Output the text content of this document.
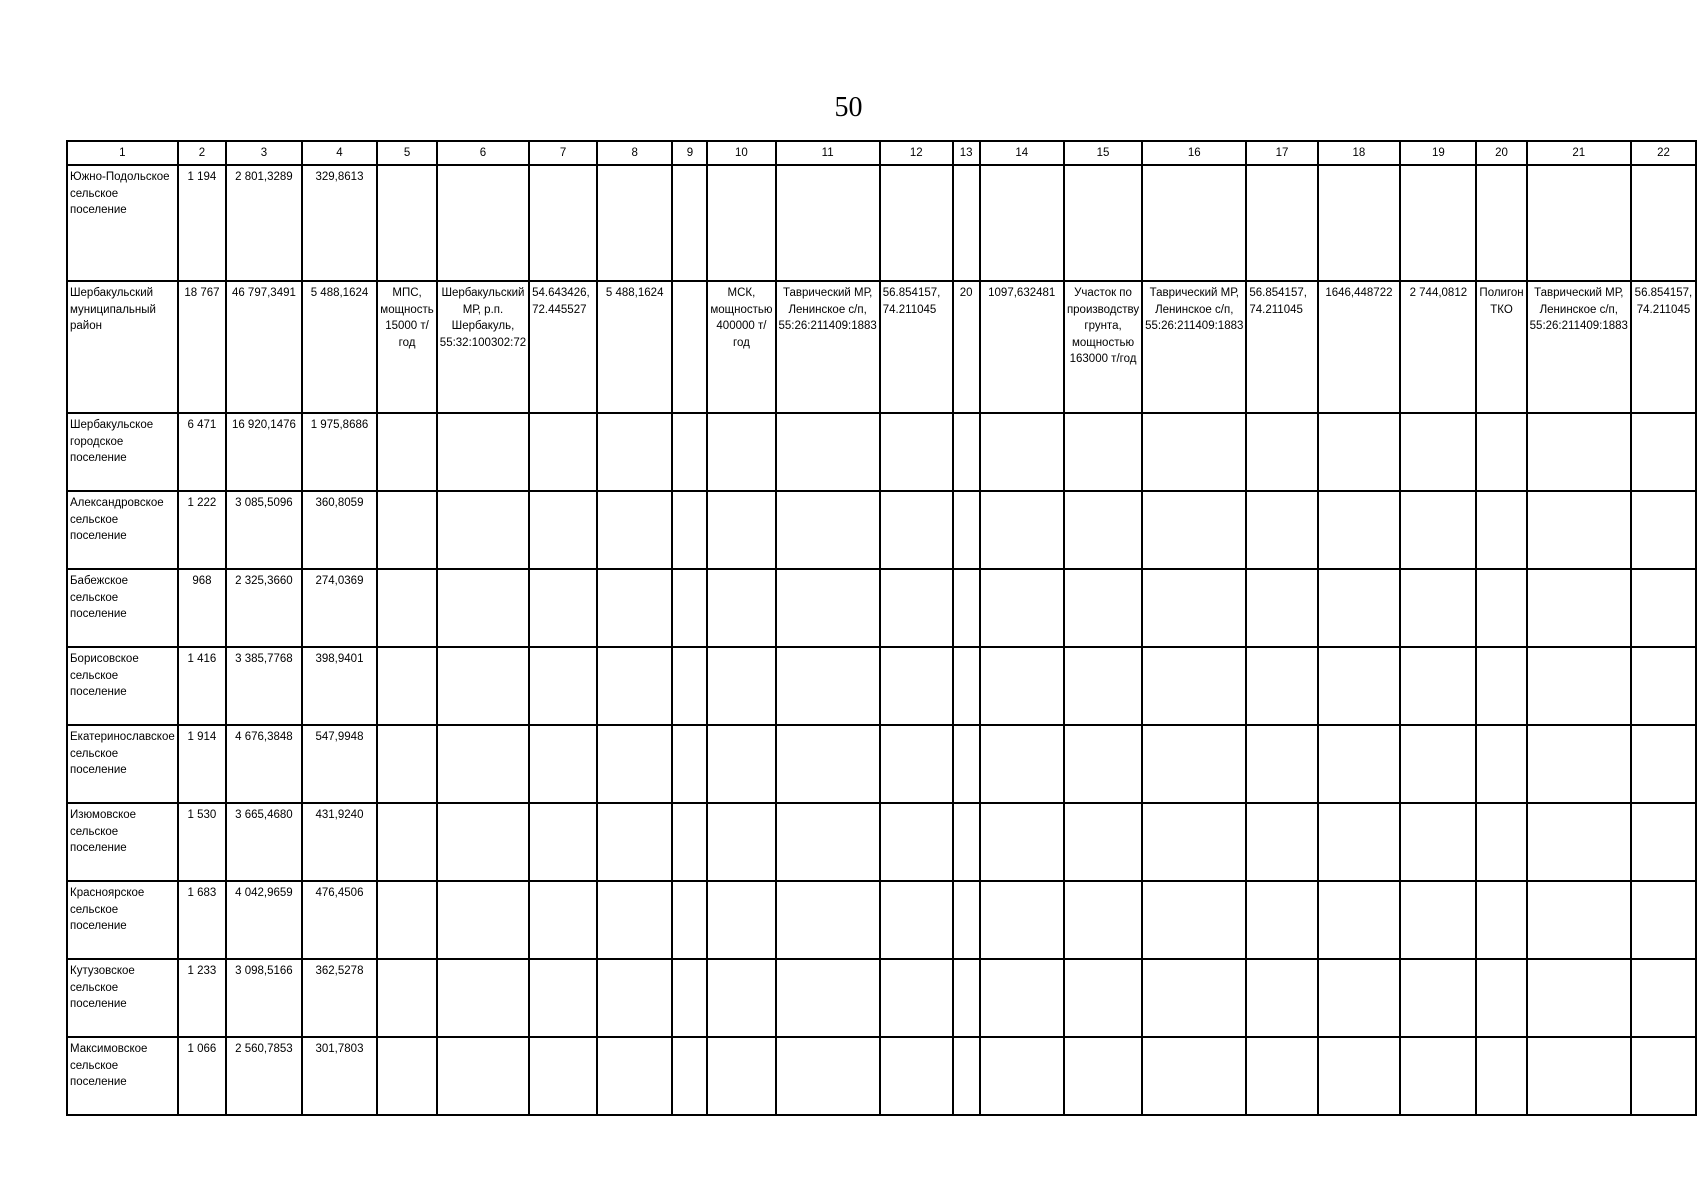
50
1	2	3	4	5	6	7	8	9	10	11	12	13	14	15	16	17	18	19	20	21	22
Южно-Подольское сельское поселение	1 194	2 801,3289	329,8613																		
Шербакульский муниципальный район	18 767	46 797,3491	5 488,1624	МПС, мощность 15000 т/год	Шербакульский МР, р.п. Шербакуль, 55:32:100302:72	54.643426, 72.445527	5 488,1624		МСК, мощностью 400000 т/год	Таврический МР, Ленинское с/п, 55:26:211409:1883	56.854157, 74.211045	20	1097,632481	Участок по производству грунта, мощностью 163000 т/год	Таврический МР, Ленинское с/п, 55:26:211409:1883	56.854157, 74.211045	1646,448722	2 744,0812	Полигон ТКО	Таврический МР, Ленинское с/п, 55:26:211409:1883	56.854157, 74.211045
Шербакульское городское поселение	6 471	16 920,1476	1 975,8686																		
Александровское сельское поселение	1 222	3 085,5096	360,8059																		
Бабежское сельское поселение	968	2 325,3660	274,0369																		
Борисовское сельское поселение	1 416	3 385,7768	398,9401																		
Екатеринославское сельское поселение	1 914	4 676,3848	547,9948																		
Изюмовское сельское поселение	1 530	3 665,4680	431,9240																		
Красноярское сельское поселение	1 683	4 042,9659	476,4506																		
Кутузовское сельское поселение	1 233	3 098,5166	362,5278																		
Максимовское сельское поселение	1 066	2 560,7853	301,7803																		
